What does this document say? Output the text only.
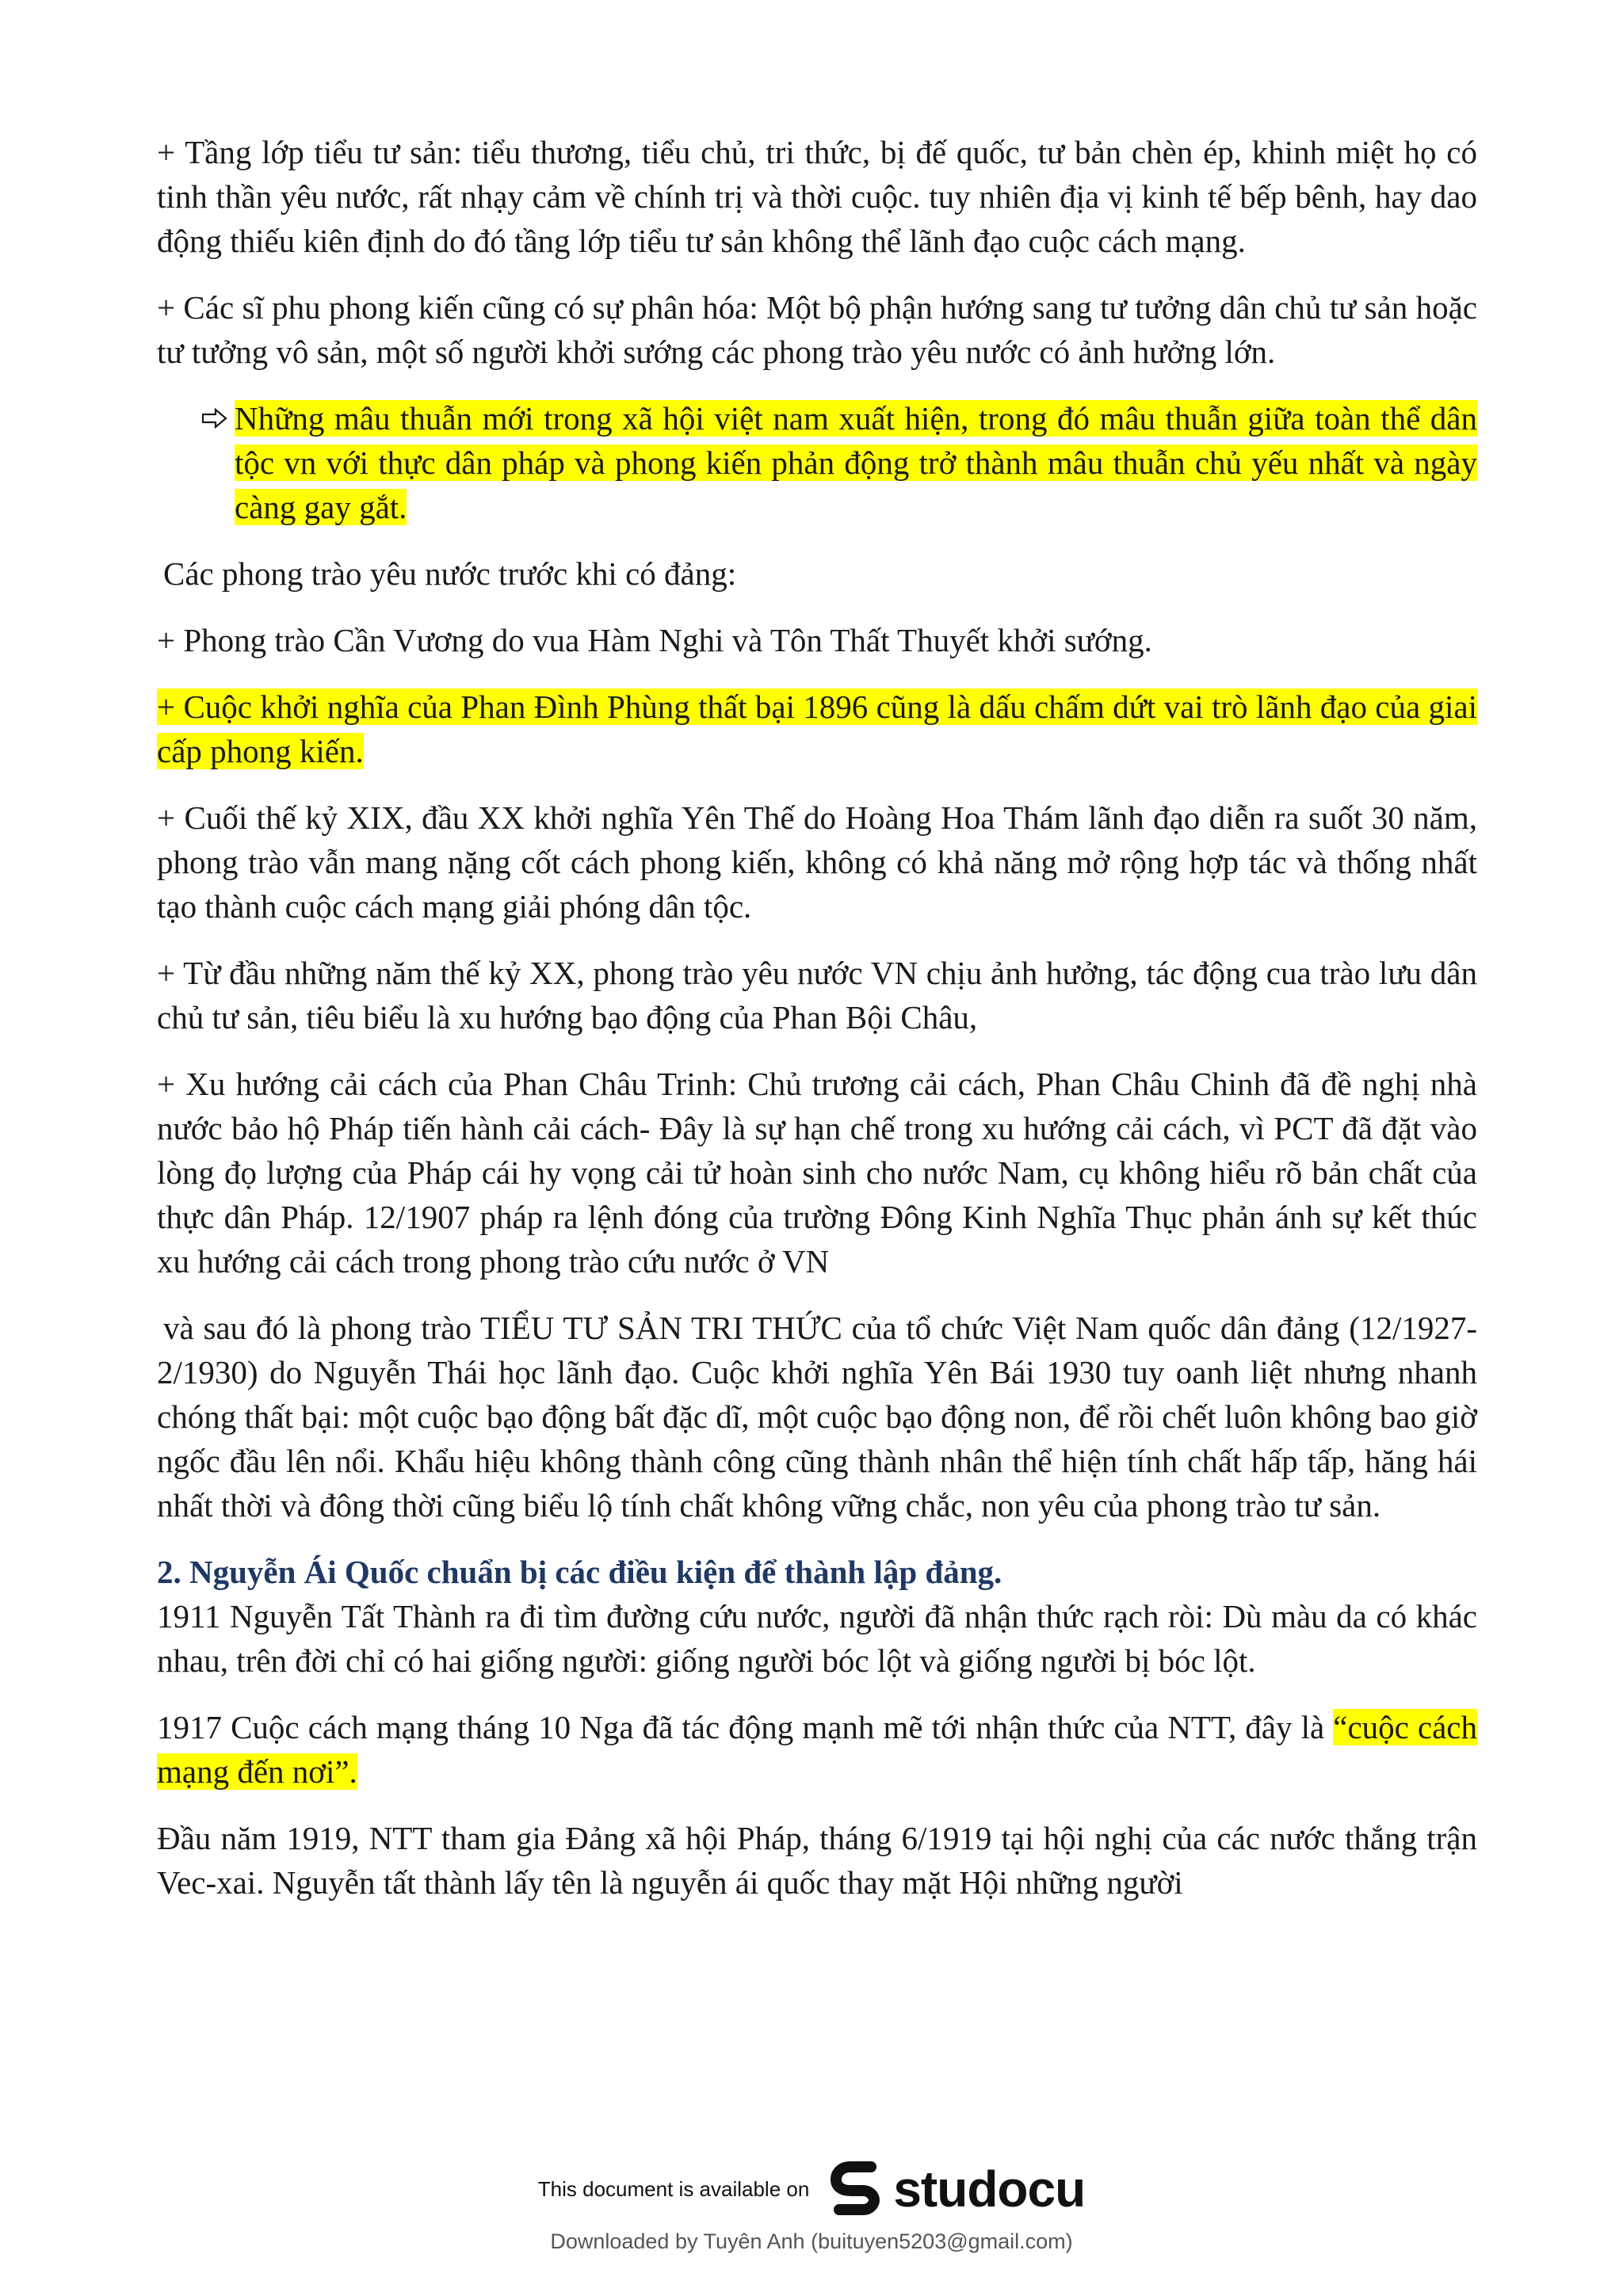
+ Tầng lớp tiểu tư sản: tiểu thương, tiểu chủ, tri thức, bị đế quốc, tư bản chèn ép, khinh miệt họ có tinh thần yêu nước, rất nhạy cảm về chính trị và thời cuộc. tuy nhiên địa vị kinh tế bếp bênh, hay dao động thiếu kiên định do đó tầng lớp tiểu tư sản không thể lãnh đạo cuộc cách mạng.

+ Các sĩ phu phong kiến cũng có sự phân hóa: Một bộ phận hướng sang tư tưởng dân chủ tư sản hoặc tư tưởng vô sản, một số người khởi sướng các phong trào yêu nước có ảnh hưởng lớn.

Những mâu thuẫn mới trong xã hội việt nam xuất hiện, trong đó mâu thuẫn giữa toàn thể dân tộc vn với thực dân pháp và phong kiến phản động trở thành mâu thuẫn chủ yếu nhất và ngày càng gay gắt.

Các phong trào yêu nước trước khi có đảng:

+ Phong trào Cần Vương do vua Hàm Nghi và Tôn Thất Thuyết khởi sướng.

+ Cuộc khởi nghĩa của Phan Đình Phùng thất bại 1896 cũng là dấu chấm dứt vai trò lãnh đạo của giai cấp phong kiến.

+ Cuối thế kỷ XIX, đầu XX khởi nghĩa Yên Thế do Hoàng Hoa Thám lãnh đạo diễn ra suốt 30 năm, phong trào vẫn mang nặng cốt cách phong kiến, không có khả năng mở rộng hợp tác và thống nhất tạo thành cuộc cách mạng giải phóng dân tộc.

+ Từ đầu những năm thế kỷ XX, phong trào yêu nước VN chịu ảnh hưởng, tác động cua trào lưu dân chủ tư sản, tiêu biểu là xu hướng bạo động của Phan Bội Châu,

+ Xu hướng cải cách của Phan Châu Trinh: Chủ trương cải cách, Phan Châu Chinh đã đề nghị nhà nước bảo hộ Pháp tiến hành cải cách- Đây là sự hạn chế trong xu hướng cải cách, vì PCT đã đặt vào lòng đọ lượng của Pháp cái hy vọng cải tử hoàn sinh cho nước Nam, cụ không hiểu rõ bản chất của thực dân Pháp. 12/1907 pháp ra lệnh đóng của trường Đông Kinh Nghĩa Thục phản ánh sự kết thúc xu hướng cải cách trong phong trào cứu nước ở VN

và sau đó là phong trào TIỂU TƯ SẢN TRI THỨC của tổ chức Việt Nam quốc dân đảng (12/1927-2/1930) do Nguyễn Thái học lãnh đạo. Cuộc khởi nghĩa Yên Bái 1930 tuy oanh liệt nhưng nhanh chóng thất bại: một cuộc bạo động bất đặc dĩ, một cuộc bạo động non, để rồi chết luôn không bao giờ ngốc đầu lên nổi. Khẩu hiệu không thành công cũng thành nhân thể hiện tính chất hấp tấp, hăng hái nhất thời và đông thời cũng biểu lộ tính chất không vững chắc, non yêu của phong trào tư sản.

2. Nguyễn Ái Quốc chuẩn bị các điều kiện để thành lập đảng.

1911 Nguyễn Tất Thành ra đi tìm đường cứu nước, người đã nhận thức rạch ròi: Dù màu da có khác nhau, trên đời chỉ có hai giống người: giống người bóc lột và giống người bị bóc lột.

1917 Cuộc cách mạng tháng 10 Nga đã tác động mạnh mẽ tới nhận thức của NTT, đây là “cuộc cách mạng đến nơi”.

Đầu năm 1919, NTT tham gia Đảng xã hội Pháp, tháng 6/1919 tại hội nghị của các nước thắng trận Vec-xai. Nguyễn tất thành lấy tên là nguyễn ái quốc thay mặt Hội những người

This document is available on studocu
Downloaded by Tuyên Anh (buituyen5203@gmail.com)
